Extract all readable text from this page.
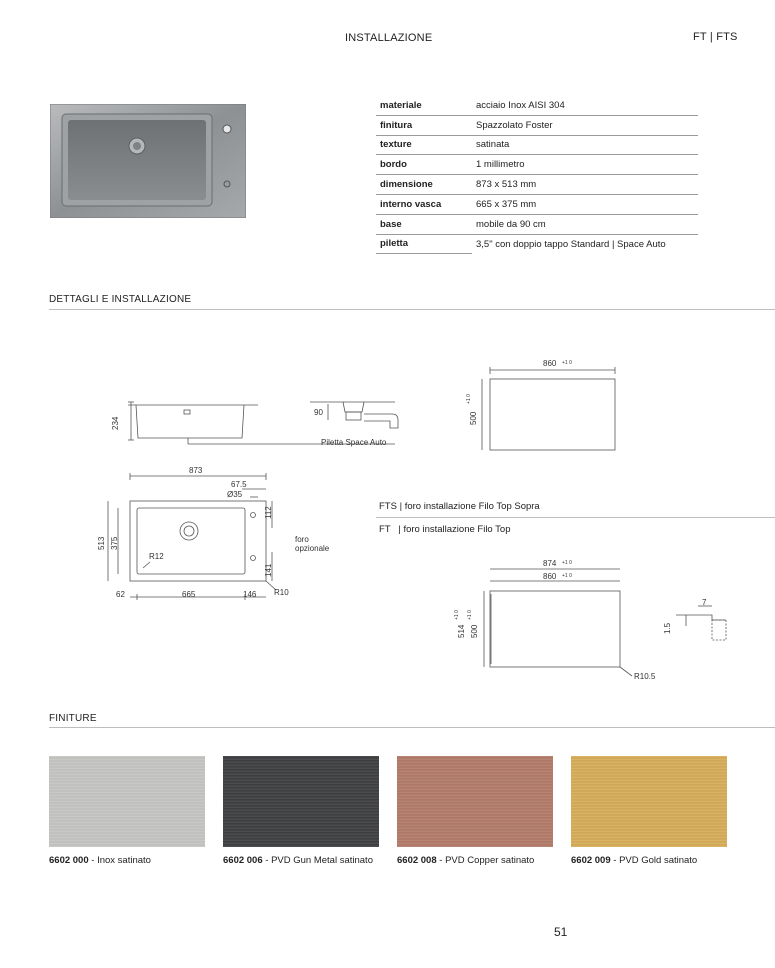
INSTALLAZIONE	FT | FTS
materiale	acciaio Inox AISI 304
finitura	Spazzolato Foster
texture	satinata
bordo	1 millimetro
dimensione	873 x 513 mm
interno vasca	665 x 375 mm
base	mobile da 90 cm
piletta	3,5" con doppio tappo Standard | Space Auto
DETTAGLI E INSTALLAZIONE
234
90
Piletta Space Auto
873
67.5
Ø35
112
foro
opzionale
513 375
R12
141
62	665	146 R10
860 +1 0
500
+1 0
874 +1 0
860 +1 0
514
+1 0
500
+1 0
R10.5
7
1.5
FTS | foro installazione Filo Top Sopra
FT   | foro installazione Filo Top
FINITURE
6602 000 - Inox satinato	6602 006 - PVD Gun Metal satinato	6602 008 - PVD Copper satinato	6602 009 - PVD Gold satinato
51
